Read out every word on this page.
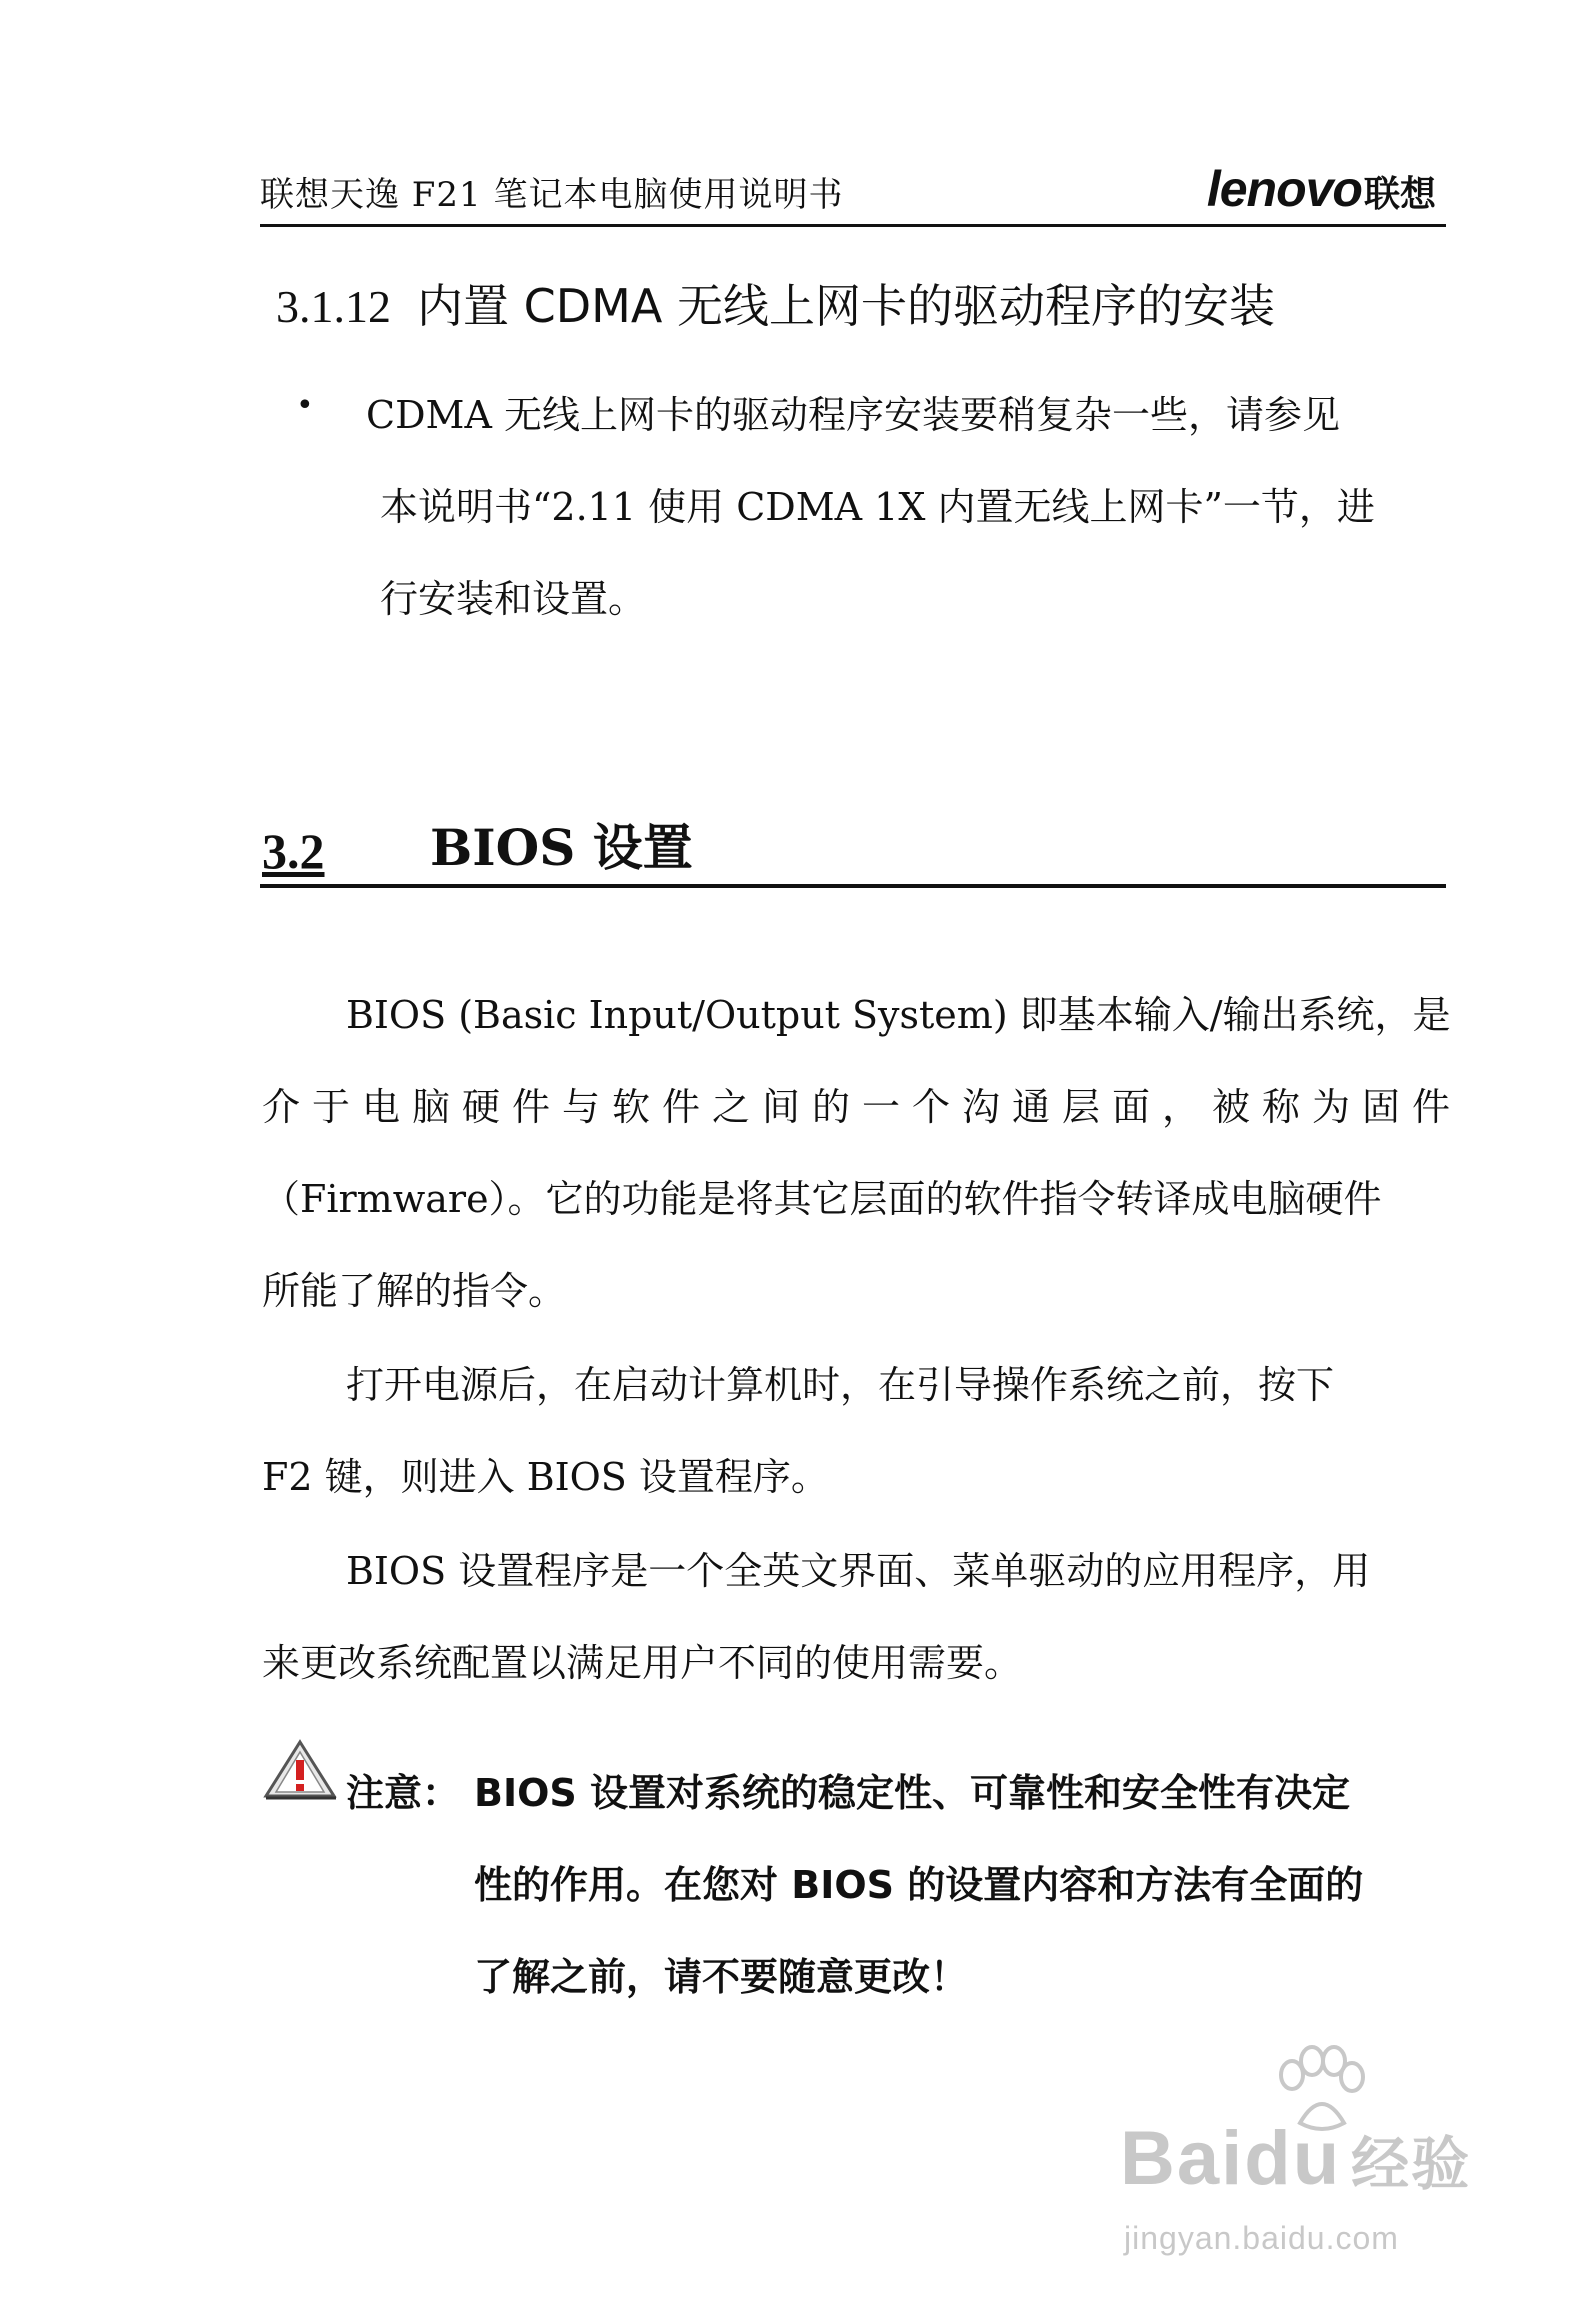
联想天逸 F21 笔记本电脑使用说明书	lenovo联想
3.1.12 内置 CDMA 无线上网卡的驱动程序的安装
• CDMA 无线上网卡的驱动程序安装要稍复杂一些，请参见
本说明书“2.11 使用 CDMA 1X 内置无线上网卡”一节，进
行安装和设置。
3.2 BIOS 设置
BIOS (Basic Input/Output System) 即基本输入/输出系统，是
介于电脑硬件与软件之间的一个沟通层面，被称为固件
（Firmware）。它的功能是将其它层面的软件指令转译成电脑硬件
所能了解的指令。
打开电源后，在启动计算机时，在引导操作系统之前，按下
F2 键，则进入 BIOS 设置程序。
BIOS 设置程序是一个全英文界面、菜单驱动的应用程序，用
来更改系统配置以满足用户不同的使用需要。
注意： BIOS 设置对系统的稳定性、可靠性和安全性有决定
性的作用。在您对 BIOS 的设置内容和方法有全面的
了解之前，请不要随意更改！
Baidu 经验
jingyan.baidu.com
